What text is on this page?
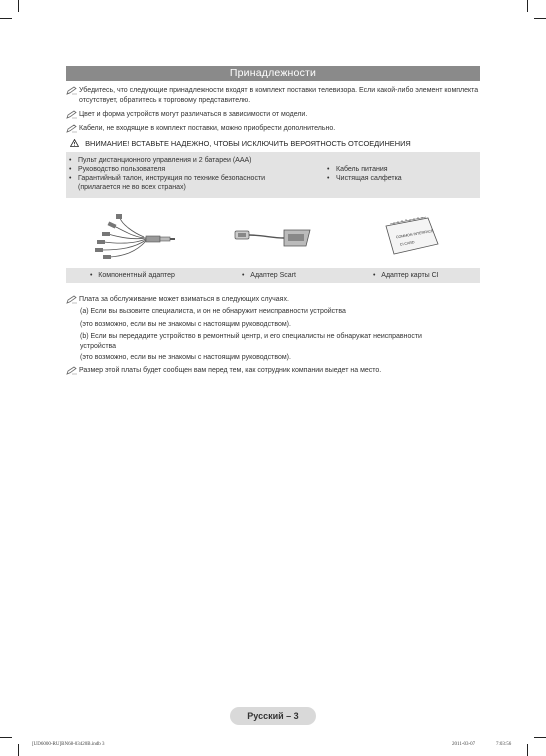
Принадлежности
Убедитесь, что следующие принадлежности входят в комплект поставки телевизора. Если какой-либо элемент комплекта отсутствует, обратитесь к торговому представителю.
Цвет и форма устройств могут различаться в зависимости от модели.
Кабели, не входящие в комплект поставки, можно приобрести дополнительно.
ВНИМАНИЕ! ВСТАВЬТЕ НАДЕЖНО, ЧТОБЫ ИСКЛЮЧИТЬ ВЕРОЯТНОСТЬ ОТСОЕДИНЕНИЯ
• Пульт дистанционного управления и 2 батареи (AAA)
• Руководство пользователя
• Гарантийный талон, инструкция по технике безопасности (прилагается не во всех странах)
• Кабель питания
• Чистящая салфетка
COMMON INTERFACE
CI CARD
•   Компонентный адаптер	•   Адаптер Scart	•   Адаптер карты CI
Плата за обслуживание может взиматься в следующих случаях.
(a) Если вы вызовите специалиста, и он не обнаружит неисправности устройства
(это возможно, если вы не знакомы с настоящим руководством).
(b) Если вы передадите устройство в ремонтный центр, и его специалисты не обнаружат неисправности устройства
(это возможно, если вы не знакомы с настоящим руководством).
Размер этой платы будет сообщен вам перед тем, как сотрудник компании выедет на место.
Русский – 3
[UD6000-RU]BN68-03420B.indb 3	2011-03-07	7:03:56
